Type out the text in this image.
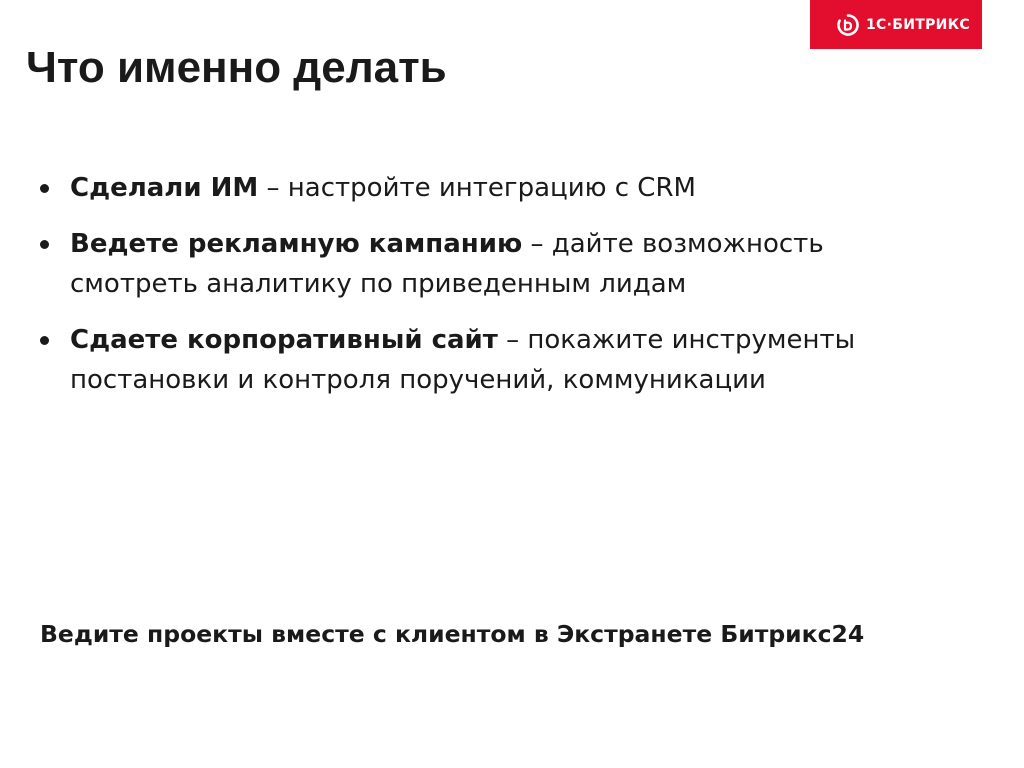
1С·БИТРИКС
Что именно делать
Сделали ИМ – настройте интеграцию с CRM
Ведете рекламную кампанию – дайте возможность смотреть аналитику по приведенным лидам
Сдаете корпоративный сайт – покажите инструменты постановки и контроля поручений, коммуникации

Ведите проекты вместе с клиентом в Экстранете Битрикс24
